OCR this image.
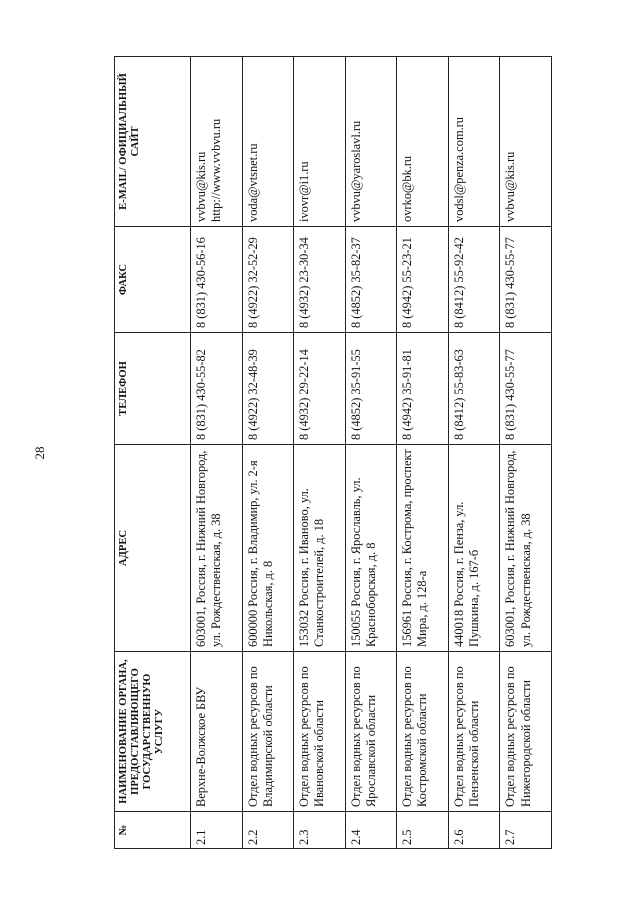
28
№	НАИМЕНОВАНИЕ ОРГАНА, ПРЕДОСТАВЛЯЮЩЕГО ГОСУДАРСТВЕННУЮ УСЛУГУ	АДРЕС	ТЕЛЕФОН	ФАКС	E-MAIL/ ОФИЦИАЛЬНЫЙ САЙТ
2.1	Верхне-Волжское БВУ	603001, Россия, г. Нижний Новгород, ул. Рождественская, д. 38	8 (831) 430-55-82	8 (831) 430-56-16	vvbvu@kis.ru http://www.vvbvu.ru
2.2	Отдел водных ресурсов по Владимирской области	600000 Россия, г. Владимир, ул. 2-я Никольская, д. 8	8 (4922) 32-48-39	8 (4922) 32-52-29	voda@vtsnet.ru
2.3	Отдел водных ресурсов по Ивановской области	153032 Россия, г. Иваново, ул. Станкостроителей, д. 18	8 (4932) 29-22-14	8 (4932) 23-30-34	ivovr@i1.ru
2.4	Отдел водных ресурсов по Ярославской области	150055 Россия, г. Ярославль, ул. Красноборская, д. 8	8 (4852) 35-91-55	8 (4852) 35-82-37	vvbvu@yaroslavl.ru
2.5	Отдел водных ресурсов по Костромской области	156961 Россия, г. Кострома, проспект Мира, д. 128-а	8 (4942) 35-91-81	8 (4942) 55-23-21	ovrko@bk.ru
2.6	Отдел водных ресурсов по Пензенской области	440018 Россия, г. Пенза, ул. Пушкина, д. 167-б	8 (8412) 55-83-63	8 (8412) 55-92-42	vodsl@penza.com.ru
2.7	Отдел водных ресурсов по Нижегородской области	603001, Россия, г. Нижний Новгород, ул. Рождественская, д. 38	8 (831) 430-55-77	8 (831) 430-55-77	vvbvu@kis.ru
